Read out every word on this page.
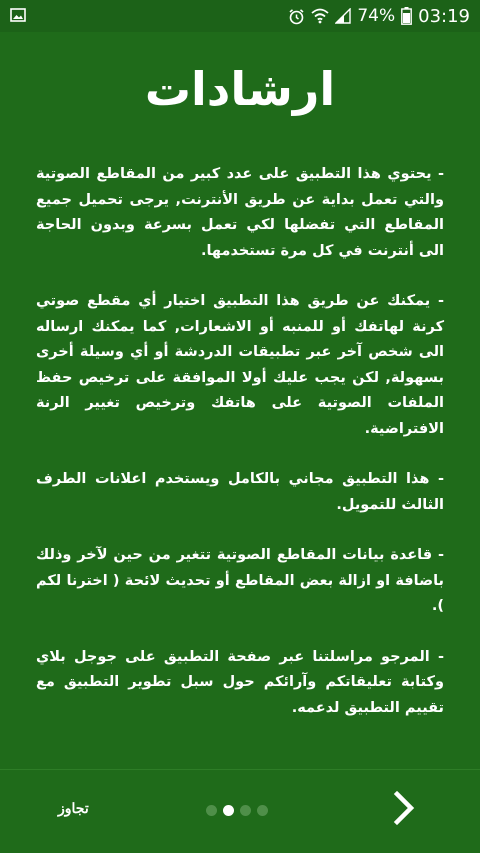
74% 03:19
ارشادات

- يحتوي هذا التطبيق على عدد كبير من المقاطع الصوتية والتي تعمل بداية عن طريق الأنترنت, يرجى تحميل جميع المقاطع التي تفضلها لكي تعمل بسرعة وبدون الحاجة الى أنترنت في كل مرة تستخدمها.

- يمكنك عن طريق هذا التطبيق اختيار أي مقطع صوتي كرنة لهاتفك أو للمنبه أو الاشعارات, كما يمكنك ارساله الى شخص آخر عبر تطبيقات الدردشة أو أي وسيلة أخرى بسهولة, لكن يجب عليك أولا الموافقة على ترخيص حفظ الملفات الصوتية على هاتفك وترخيص تغيير الرنة الافتراضية.

- هذا التطبيق مجاني بالكامل ويستخدم اعلانات الطرف الثالث للتمويل.

- قاعدة بيانات المقاطع الصوتية تتغير من حين لآخر وذلك باضافة او ازالة بعض المقاطع أو تحديث لائحة ( اخترنا لكم ).

- المرجو مراسلتنا عبر صفحة التطبيق على جوجل بلاي وكتابة تعليقاتكم وآرائكم حول سبل تطوير التطبيق مع تقييم التطبيق لدعمه.

تجاوز
